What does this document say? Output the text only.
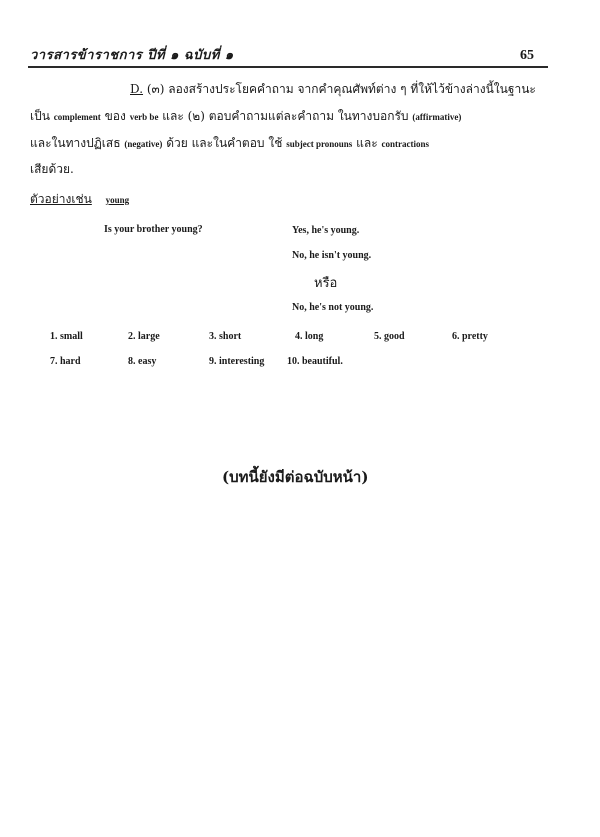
วารสารข้าราชการ ปีที่ ๑ ฉบับที่ ๑	65
D. (๓) ลองสร้างประโยคคำถาม จากคำคุณศัพท์ต่าง ๆ ที่ให้ไว้ข้างล่างนี้ในฐานะ
เป็น complement ของ verb be และ (๒) ตอบคำถามแต่ละคำถาม ในทางบอกรับ (affirmative)
และในทางปฏิเสธ (negative) ด้วย และในคำตอบ ใช้ subject pronouns และ contractions
เสียด้วย.
ตัวอย่างเช่น young
Is your brother young?	Yes, he's young.
No, he isn't young.
หรือ
No, he's not young.
1. small	2. large	3. short	4. long	5. good	6. pretty
7. hard	8. easy	9. interesting 10. beautiful.
(บทนี้ยังมีต่อฉบับหน้า)
